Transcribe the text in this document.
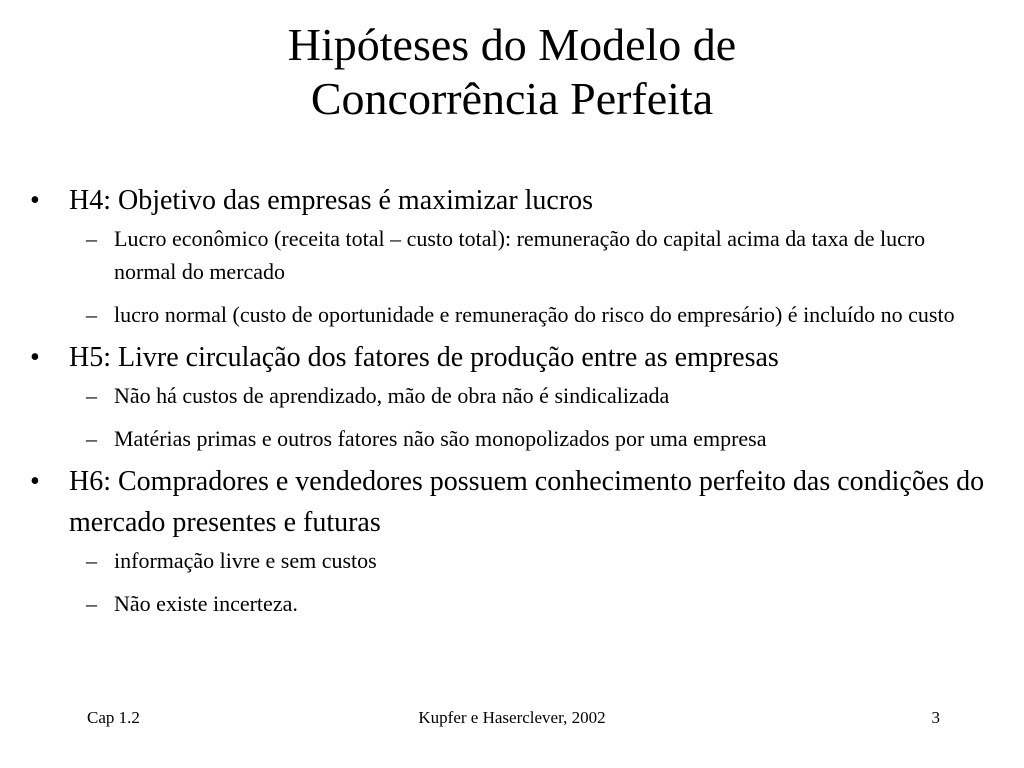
Hipóteses do Modelo de
Concorrência Perfeita
•	H4: Objetivo das empresas é maximizar lucros
– Lucro econômico (receita total – custo total): remuneração do capital acima da taxa de lucro normal do mercado
– lucro normal (custo de oportunidade e remuneração do risco do empresário) é incluído no custo
•	H5: Livre circulação dos fatores de produção entre as empresas
– Não há custos de aprendizado, mão de obra não é sindicalizada
– Matérias primas e outros fatores não são monopolizados por uma empresa
•	H6: Compradores e vendedores possuem conhecimento perfeito das condições do mercado presentes e futuras
– informação livre e sem custos
– Não existe incerteza.
Cap 1.2	Kupfer e Haserclever, 2002	3
